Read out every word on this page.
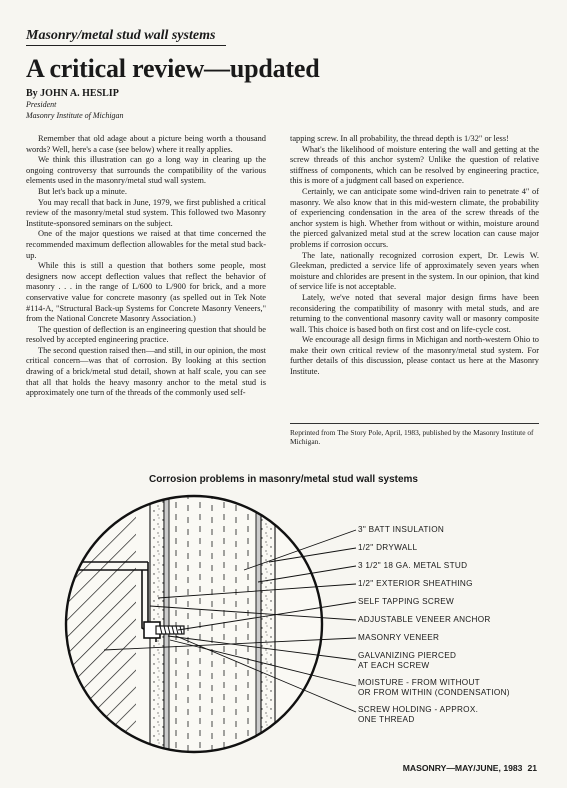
Masonry/metal stud wall systems
A critical review—updated
By JOHN A. HESLIP
President
Masonry Institute of Michigan

Remember that old adage about a picture being worth a thousand words? Well, here's a case (see below) where it really applies.

We think this illustration can go a long way in clearing up the ongoing controversy that surrounds the compatibility of the various elements used in the masonry/metal stud wall system.

But let's back up a minute.

You may recall that back in June, 1979, we first published a critical review of the masonry/metal stud system. This followed two Masonry Institute-sponsored seminars on the subject.

One of the major questions we raised at that time concerned the recommended maximum deflection allowables for the metal stud back-up.

While this is still a question that bothers some people, most designers now accept deflection values that reflect the behavior of masonry . . . in the range of L/600 to L/900 for brick, and a more conservative value for concrete masonry (as spelled out in Tek Note #114-A, "Structural Back-up Systems for Concrete Masonry Veneers," from the National Concrete Masonry Association.)

The question of deflection is an engineering question that should be resolved by accepted engineering practice.

The second question raised then—and still, in our opinion, the most critical concern—was that of corrosion. By looking at this section drawing of a brick/metal stud detail, shown at half scale, you can see that all that holds the heavy masonry anchor to the metal stud is approximately one turn of the threads of the commonly used self-

tapping screw. In all probability, the thread depth is 1/32" or less!

What's the likelihood of moisture entering the wall and getting at the screw threads of this anchor system? Unlike the question of relative stiffness of components, which can be resolved by engineering practice, this is more of a judgment call based on experience.

Certainly, we can anticipate some wind-driven rain to penetrate 4" of masonry. We also know that in this mid-western climate, the probability of experiencing condensation in the area of the screw threads of the anchor system is high. Whether from without or within, moisture around the pierced galvanized metal stud at the screw location can cause major problems if corrosion occurs.

The late, nationally recognized corrosion expert, Dr. Lewis W. Gleekman, predicted a service life of approximately seven years when moisture and chlorides are present in the system. In our opinion, that kind of service life is not acceptable.

Lately, we've noted that several major design firms have been reconsidering the compatibility of masonry with metal studs, and are returning to the conventional masonry cavity wall or masonry composite wall. This choice is based both on first cost and on life-cycle cost.

We encourage all design firms in Michigan and north-western Ohio to make their own critical review of the masonry/metal stud system. For further details of this discussion, please contact us here at the Masonry Institute.

Reprinted from The Story Pole, April, 1983, published by the Masonry Institute of Michigan.
Corrosion problems in masonry/metal stud wall systems
3" BATT INSULATION
1/2" DRYWALL
3 1/2" 18 GA. METAL STUD
1/2" EXTERIOR SHEATHING
SELF TAPPING SCREW
ADJUSTABLE VENEER ANCHOR
MASONRY VENEER
GALVANIZING PIERCED
AT EACH SCREW
MOISTURE - FROM WITHOUT
OR FROM WITHIN (CONDENSATION)
SCREW HOLDING - APPROX.
ONE THREAD
MASONRY—MAY/JUNE, 1983 21
